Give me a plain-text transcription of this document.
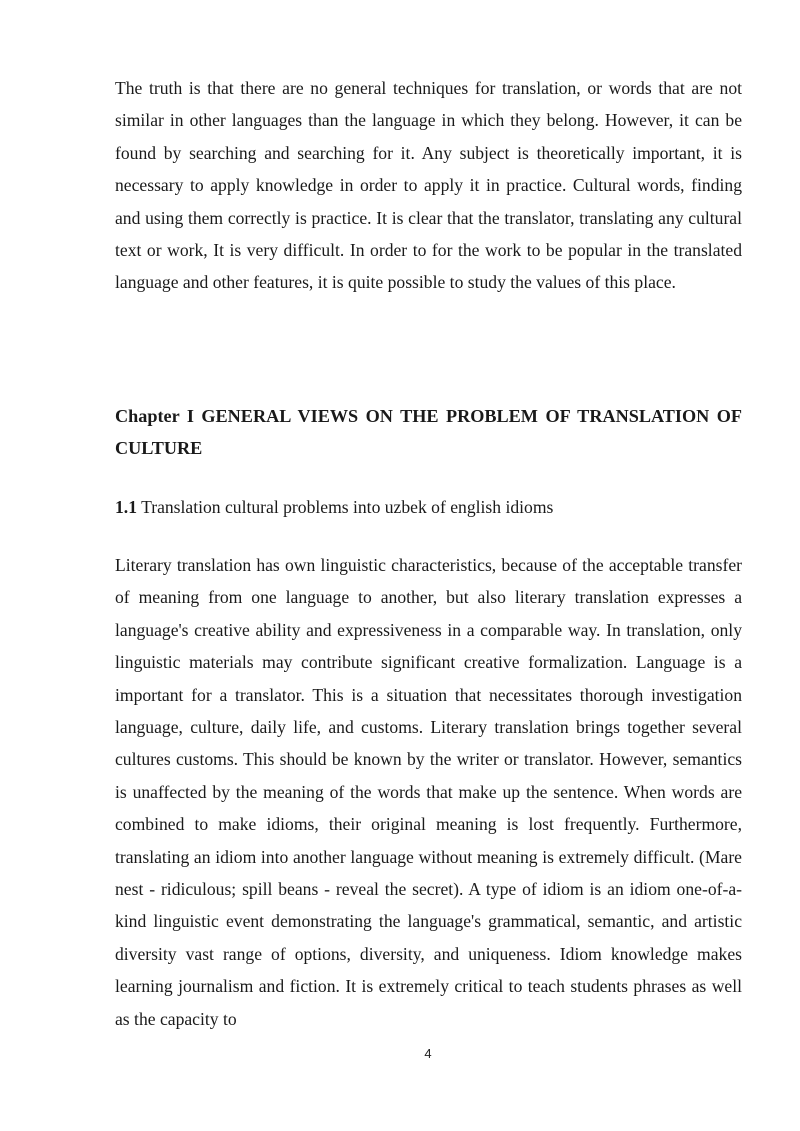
The truth is that there are no general techniques for translation, or words that are not similar in other languages than the language in which they belong. However, it can be found by searching and searching for it. Any subject is theoretically important, it is necessary to apply knowledge in order to apply it in practice. Cultural words, finding and using them correctly is practice. It is clear that the translator, translating any cultural text or work, It is very difficult. In order to for the work to be popular in the translated language and other features, it is quite possible to study the values of this place.

Chapter I GENERAL VIEWS ON THE PROBLEM OF TRANSLATION OF CULTURE

1.1 Translation cultural problems into uzbek of english idioms

Literary translation has own linguistic characteristics, because of the acceptable transfer of meaning from one language to another, but also literary translation expresses a language's creative ability and expressiveness in a comparable way. In translation, only linguistic materials may contribute significant creative formalization. Language is a important for a translator. This is a situation that necessitates thorough investigation language, culture, daily life, and customs. Literary translation brings together several cultures customs. This should be known by the writer or translator. However, semantics is unaffected by the meaning of the words that make up the sentence. When words are combined to make idioms, their original meaning is lost frequently. Furthermore, translating an idiom into another language without meaning is extremely difficult. (Mare nest - ridiculous; spill beans - reveal the secret). A type of idiom is an idiom one-of-a-kind linguistic event demonstrating the language's grammatical, semantic, and artistic diversity vast range of options, diversity, and uniqueness. Idiom knowledge makes learning journalism and fiction. It is extremely critical to teach students phrases as well as the capacity to

4
